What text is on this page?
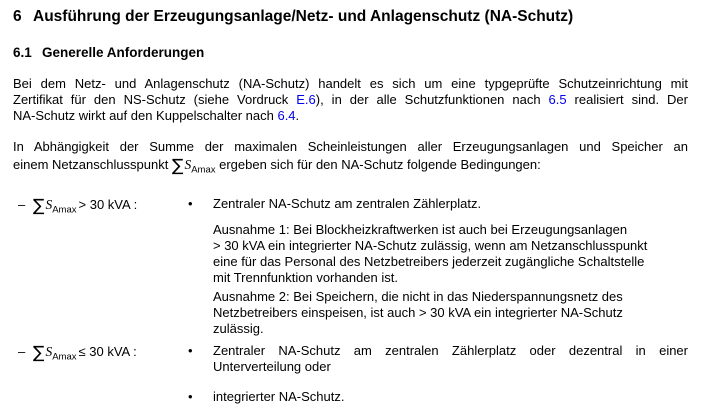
6 Ausführung der Erzeugungsanlage/Netz- und Anlagenschutz (NA-Schutz)
6.1 Generelle Anforderungen
Bei dem Netz- und Anlagenschutz (NA-Schutz) handelt es sich um eine typgeprüfte Schutzeinrichtung mit
Zertifikat für den NS-Schutz (siehe Vordruck E.6), in der alle Schutzfunktionen nach 6.5 realisiert sind. Der
NA-Schutz wirkt auf den Kuppelschalter nach 6.4.
In Abhängigkeit der Summe der maximalen Scheinleistungen aller Erzeugungsanlagen und Speicher an
einem Netzanschlusspunkt $\sum S_{Amax}$ ergeben sich für den NA-Schutz folgende Bedingungen:
– $\sum S_{Amax} > 30$ kVA :	•	Zentraler NA-Schutz am zentralen Zählerplatz.
Ausnahme 1: Bei Blockheizkraftwerken ist auch bei Erzeugungsanlagen
> 30 kVA ein integrierter NA-Schutz zulässig, wenn am Netzanschlusspunkt
eine für das Personal des Netzbetreibers jederzeit zugängliche Schaltstelle
mit Trennfunktion vorhanden ist.
Ausnahme 2: Bei Speichern, die nicht in das Niederspannungsnetz des
Netzbetreibers einspeisen, ist auch > 30 kVA ein integrierter NA-Schutz
zulässig.
– $\sum S_{Amax} \le 30$ kVA :	•	Zentraler NA-Schutz am zentralen Zählerplatz oder dezentral in einer
Unterverteilung oder
•	integrierter NA-Schutz.
